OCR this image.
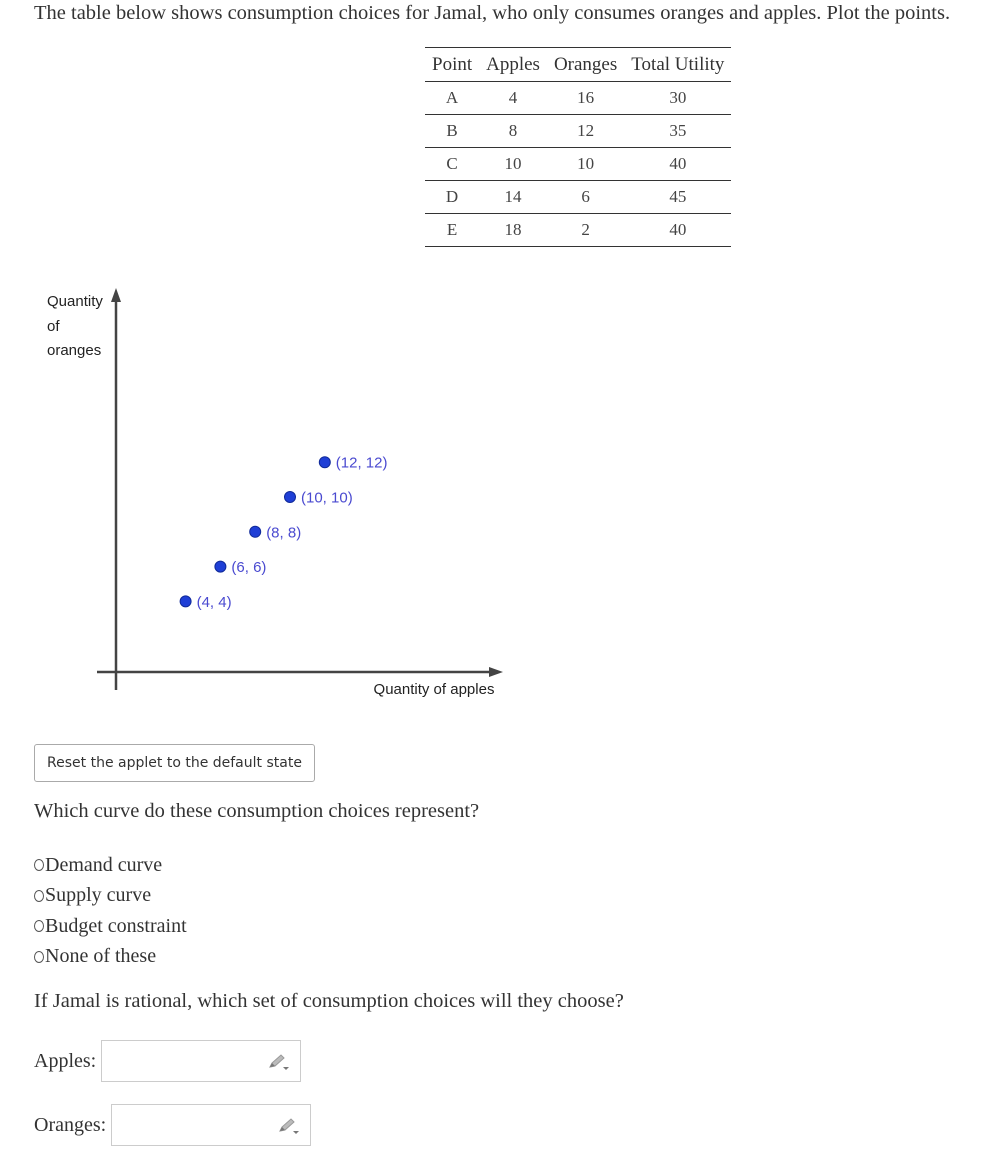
The table below shows consumption choices for Jamal, who only consumes oranges and apples. Plot the points.
Point	Apples	Oranges	Total Utility
A	4	16	30
B	8	12	35
C	10	10	40
D	14	6	45
E	18	2	40
Quantity
of
oranges
Quantity of apples
(4, 4)
(6, 6)
(8, 8)
(10, 10)
(12, 12)
Reset the applet to the default state
Which curve do these consumption choices represent?
Demand curve
Supply curve
Budget constraint
None of these
If Jamal is rational, which set of consumption choices will they choose?
Apples:
Oranges:
